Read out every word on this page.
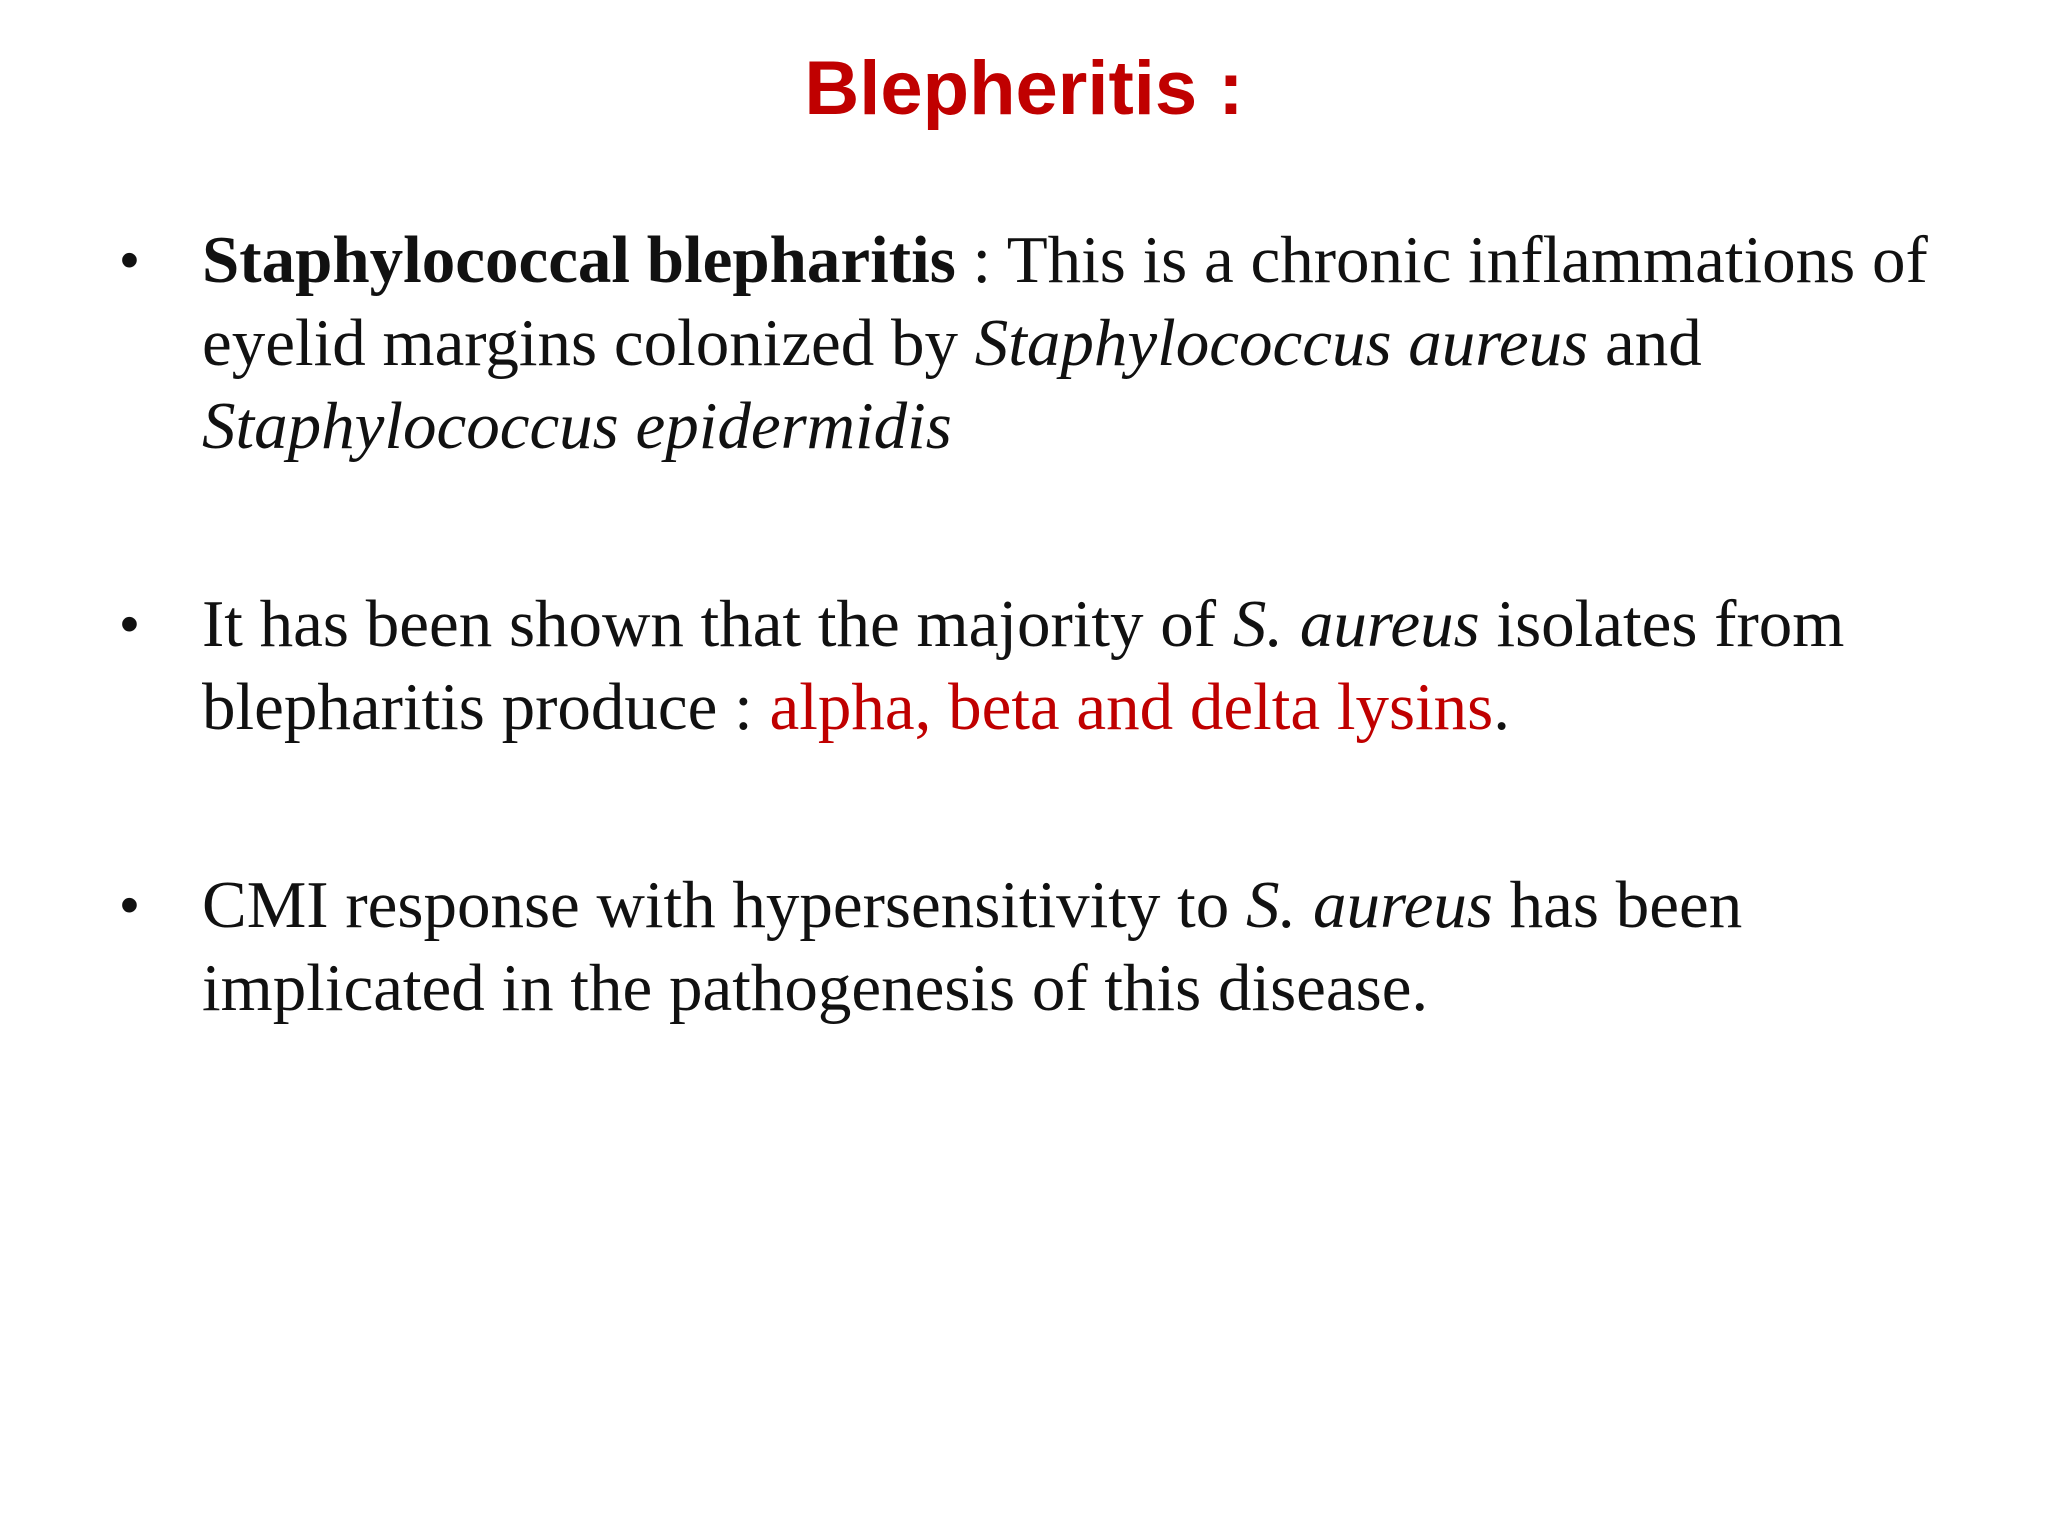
Blepheritis :
• Staphylococcal blepharitis : This is a chronic inflammations of eyelid margins colonized by Staphylococcus aureus and Staphylococcus epidermidis
• It has been shown that the majority of S. aureus isolates from blepharitis produce : alpha, beta and delta lysins.
• CMI response with hypersensitivity to S. aureus has been implicated in the pathogenesis of this disease.
